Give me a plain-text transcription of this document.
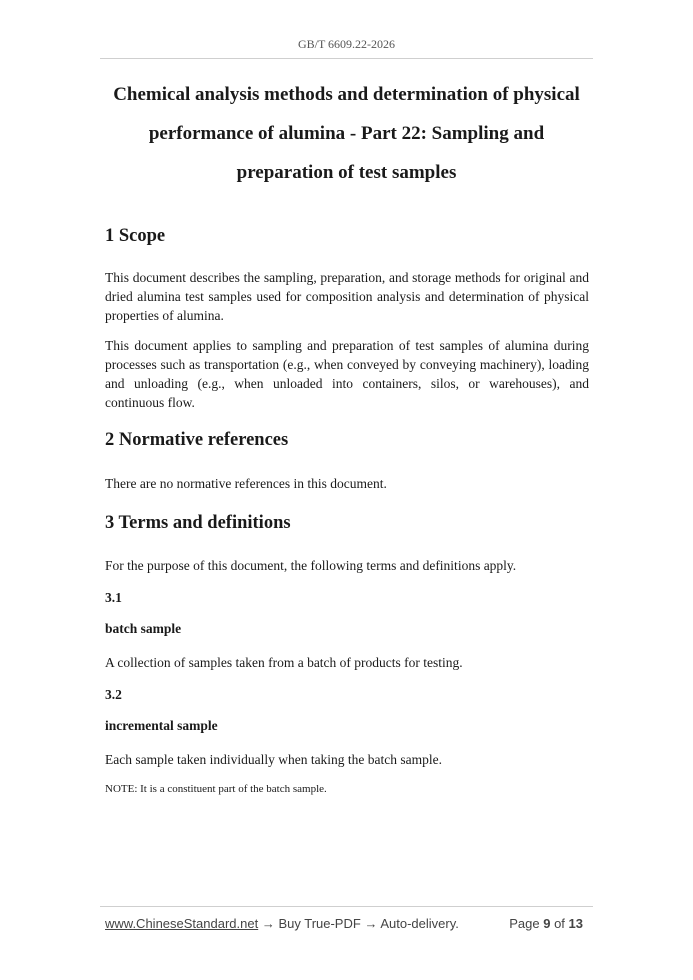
GB/T 6609.22-2026
Chemical analysis methods and determination of physical
performance of alumina - Part 22: Sampling and
preparation of test samples
1 Scope

This document describes the sampling, preparation, and storage methods for original and dried alumina test samples used for composition analysis and determination of physical properties of alumina.

This document applies to sampling and preparation of test samples of alumina during processes such as transportation (e.g., when conveyed by conveying machinery), loading and unloading (e.g., when unloaded into containers, silos, or warehouses), and continuous flow.

2 Normative references

There are no normative references in this document.

3 Terms and definitions

For the purpose of this document, the following terms and definitions apply.

3.1

batch sample

A collection of samples taken from a batch of products for testing.

3.2

incremental sample

Each sample taken individually when taking the batch sample.

NOTE: It is a constituent part of the batch sample.

www.ChineseStandard.net → Buy True-PDF → Auto-delivery.	Page 9 of 13
